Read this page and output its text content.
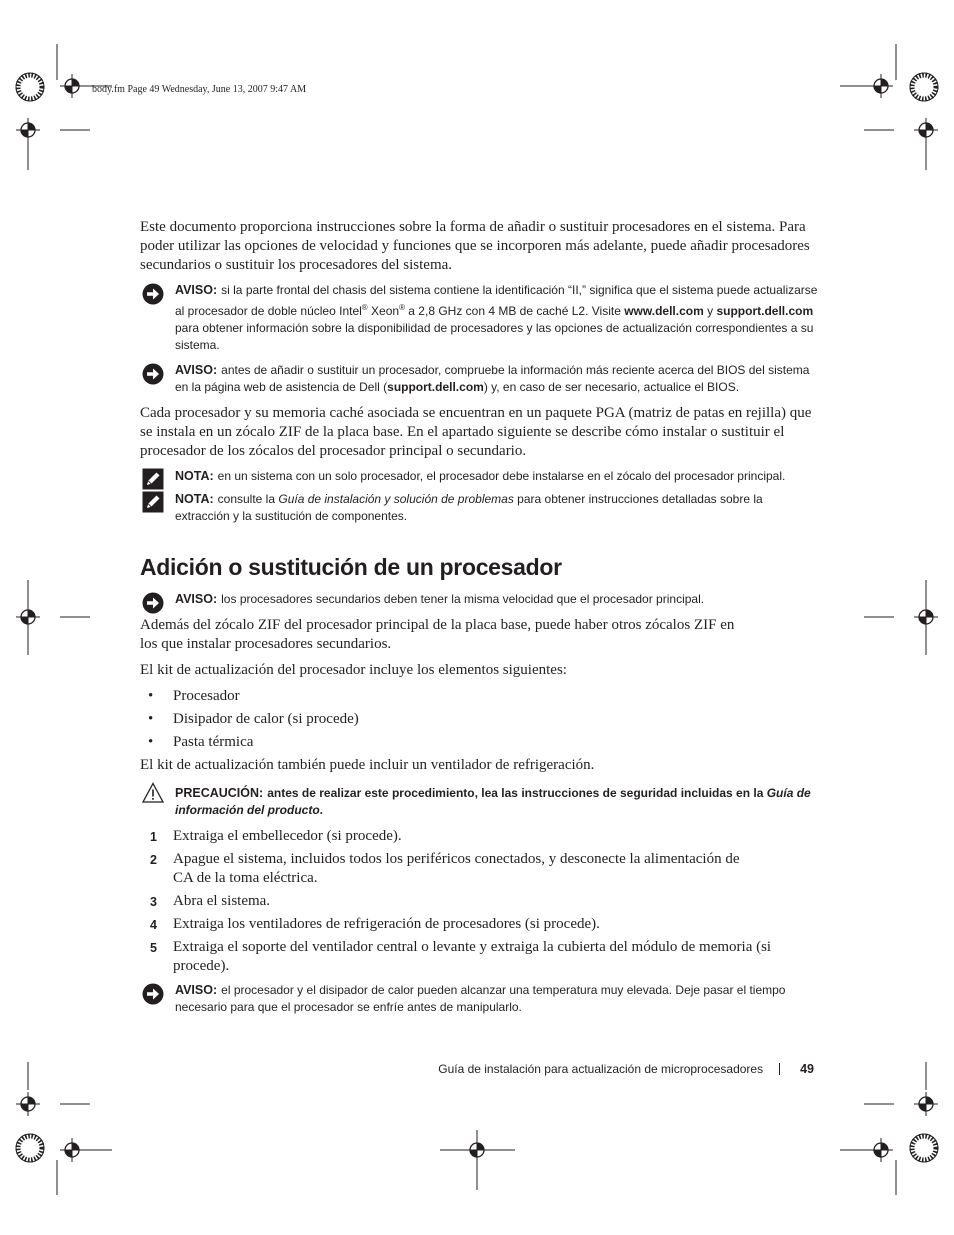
body.fm Page 49 Wednesday, June 13, 2007 9:47 AM

Este documento proporciona instrucciones sobre la forma de añadir o sustituir procesadores en el sistema. Para poder utilizar las opciones de velocidad y funciones que se incorporen más adelante, puede añadir procesadores secundarios o sustituir los procesadores del sistema.

AVISO: si la parte frontal del chasis del sistema contiene la identificación “II,” significa que el sistema puede actualizarse al procesador de doble núcleo Intel® Xeon® a 2,8 GHz con 4 MB de caché L2. Visite www.dell.com y support.dell.com para obtener información sobre la disponibilidad de procesadores y las opciones de actualización correspondientes a su sistema.
AVISO: antes de añadir o sustituir un procesador, compruebe la información más reciente acerca del BIOS del sistema en la página web de asistencia de Dell (support.dell.com) y, en caso de ser necesario, actualice el BIOS.

Cada procesador y su memoria caché asociada se encuentran en un paquete PGA (matriz de patas en rejilla) que se instala en un zócalo ZIF de la placa base. En el apartado siguiente se describe cómo instalar o sustituir el procesador de los zócalos del procesador principal o secundario.

NOTA: en un sistema con un solo procesador, el procesador debe instalarse en el zócalo del procesador principal.
NOTA: consulte la Guía de instalación y solución de problemas para obtener instrucciones detalladas sobre la extracción y la sustitución de componentes.
Adición o sustitución de un procesador
AVISO: los procesadores secundarios deben tener la misma velocidad que el procesador principal.

Además del zócalo ZIF del procesador principal de la placa base, puede haber otros zócalos ZIF en los que instalar procesadores secundarios.

El kit de actualización del procesador incluye los elementos siguientes:

• Procesador
• Disipador de calor (si procede)
• Pasta térmica

El kit de actualización también puede incluir un ventilador de refrigeración.

PRECAUCIÓN: antes de realizar este procedimiento, lea las instrucciones de seguridad incluidas en la Guía de información del producto.
1 Extraiga el embellecedor (si procede).
2 Apague el sistema, incluidos todos los periféricos conectados, y desconecte la alimentación de CA de la toma eléctrica.
3 Abra el sistema.
4 Extraiga los ventiladores de refrigeración de procesadores (si procede).
5 Extraiga el soporte del ventilador central o levante y extraiga la cubierta del módulo de memoria (si procede).
AVISO: el procesador y el disipador de calor pueden alcanzar una temperatura muy elevada. Deje pasar el tiempo necesario para que el procesador se enfríe antes de manipularlo.
Guía de instalación para actualización de microprocesadores	49
